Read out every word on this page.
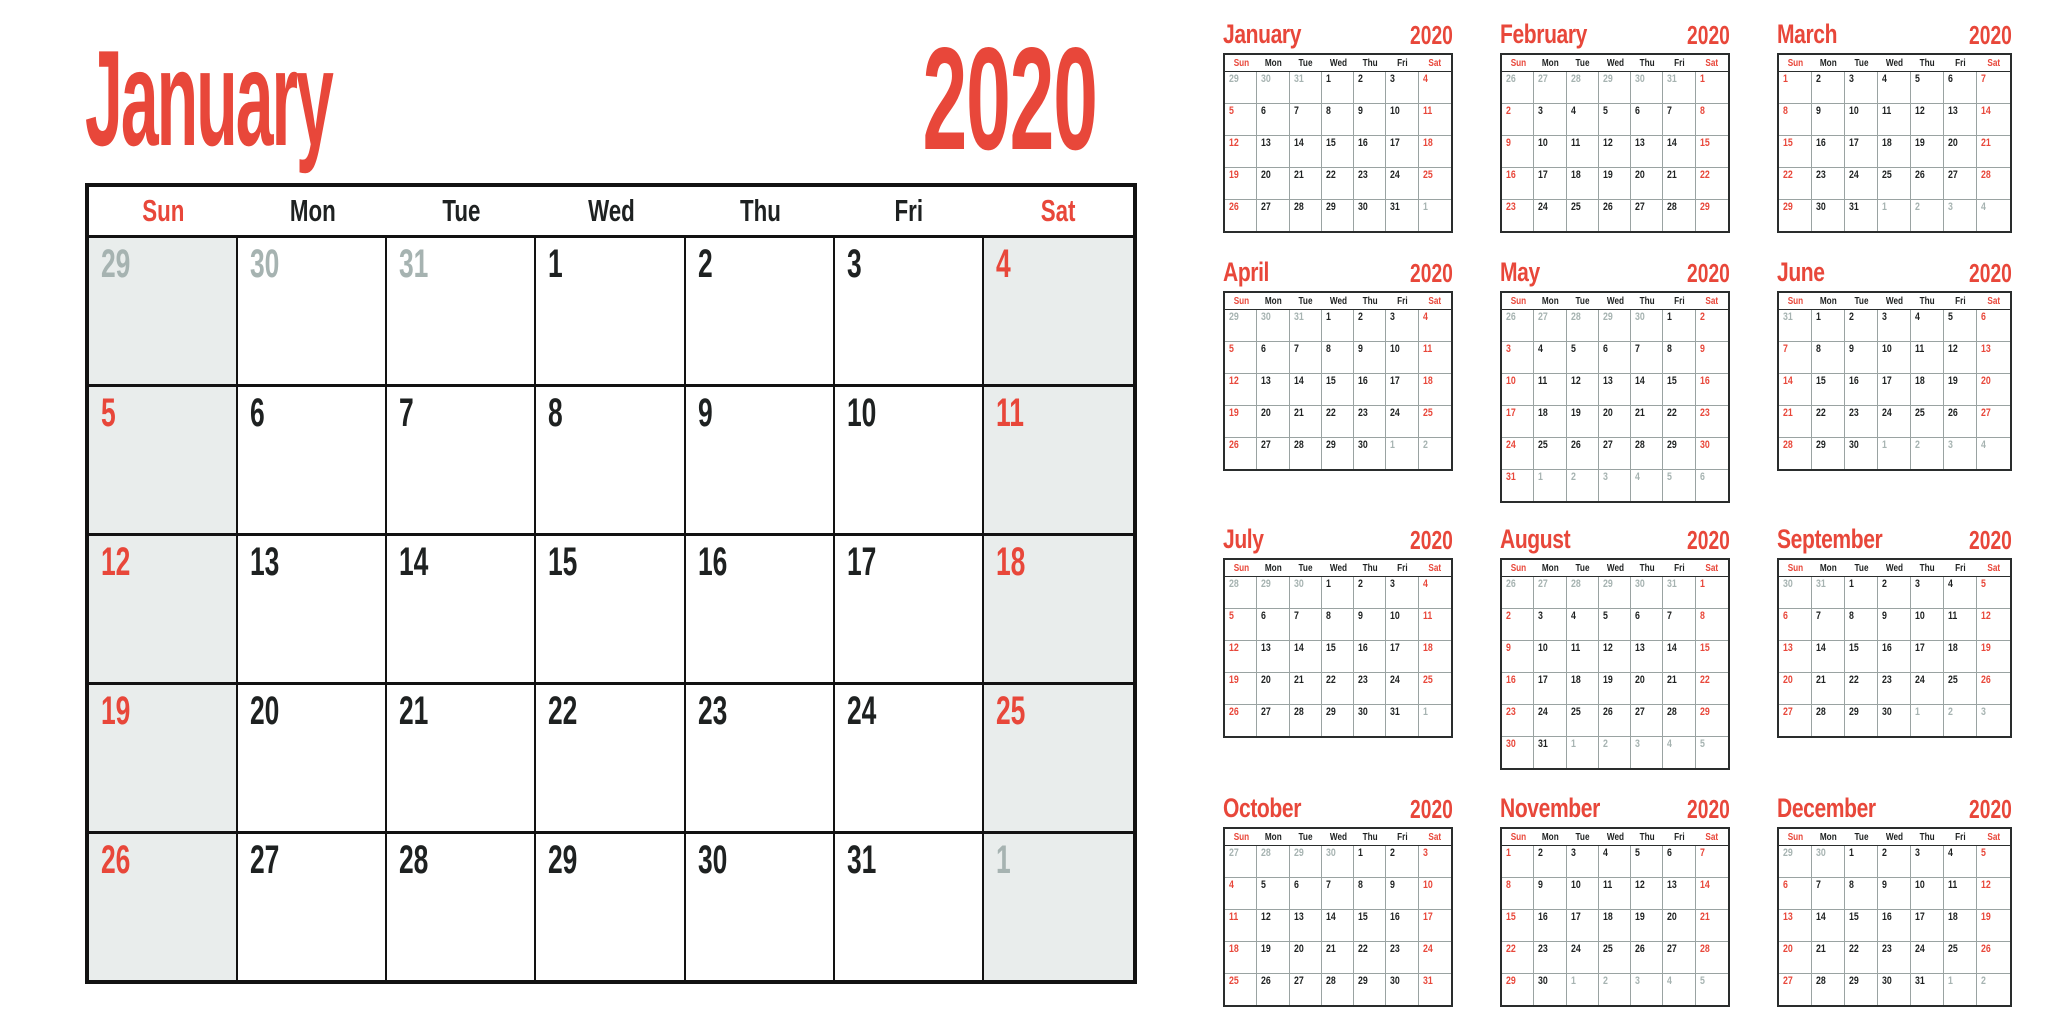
January	2020
Sun	Mon	Tue	Wed	Thu	Fri	Sat
29	30	31	1	2	3	4
5	6	7	8	9	10	11
12	13	14	15	16	17	18
19	20	21	22	23	24	25
26	27	28	29	30	31	1
January	2020
Sun Mon Tue Wed Thu Fri Sat
29 30 31 1 2 3 4
5 6 7 8 9 10 11
12 13 14 15 16 17 18
19 20 21 22 23 24 25
26 27 28 29 30 31 1
February	2020
Sun Mon Tue Wed Thu Fri Sat
26 27 28 29 30 31 1
2 3 4 5 6 7 8
9 10 11 12 13 14 15
16 17 18 19 20 21 22
23 24 25 26 27 28 29
March	2020
Sun Mon Tue Wed Thu Fri Sat
1	2	3	4	5	6	7
8	9	10 11 12 13 14
15 16 17 18 19 20 21
22 23 24 25 26 27 28
29 30 31 1	2	3	4
April	2020
Sun Mon Tue Wed Thu Fri Sat
29 30 31 1 2 3 4
5 6 7 8 9 10 11
12 13 14 15 16 17 18
19 20 21 22 23 24 25
26 27 28 29 30 1 2
May	2020
Sun Mon Tue Wed Thu Fri Sat
26 27 28 29 30 1 2
3 4 5 6 7 8 9
10 11 12 13 14 15 16
17 18 19 20 21 22 23
24 25 26 27 28 29 30
31 1 2 3 4 5 6
June	2020
Sun Mon Tue Wed Thu Fri Sat
31 1	2	3	4	5	6
7	8	9	10 11 12 13
14 15 16 17 18 19 20
21 22 23 24 25 26 27
28 29 30 1	2	3	4
July	2020
Sun Mon Tue Wed Thu Fri Sat
28 29 30 1 2 3 4
5 6 7 8 9 10 11
12 13 14 15 16 17 18
19 20 21 22 23 24 25
26 27 28 29 30 31 1
August	2020
Sun Mon Tue Wed Thu Fri Sat
26 27 28 29 30 31 1
2 3 4 5 6 7 8
9 10 11 12 13 14 15
16 17 18 19 20 21 22
23 24 25 26 27 28 29
30 31 1 2 3 4 5
September	2020
Sun Mon Tue Wed Thu Fri Sat
30 31 1	2	3	4	5
6	7	8	9	10 11 12
13 14 15 16 17 18 19
20 21 22 23 24 25 26
27 28 29 30 1	2	3
October	2020
Sun Mon Tue Wed Thu Fri Sat
27 28 29 30 1 2 3
4 5 6 7 8 9 10
11 12 13 14 15 16 17
18 19 20 21 22 23 24
25 26 27 28 29 30 31
November	2020
Sun Mon Tue Wed Thu Fri Sat
1 2 3 4 5 6 7
8 9 10 11 12 13 14
15 16 17 18 19 20 21
22 23 24 25 26 27 28
29 30 1 2 3 4 5
December	2020
Sun Mon Tue Wed Thu Fri Sat
29 30 1	2	3	4	5
6	7	8	9	10 11 12
13 14 15 16 17 18 19
20 21 22 23 24 25 26
27 28 29 30 31 1	2
